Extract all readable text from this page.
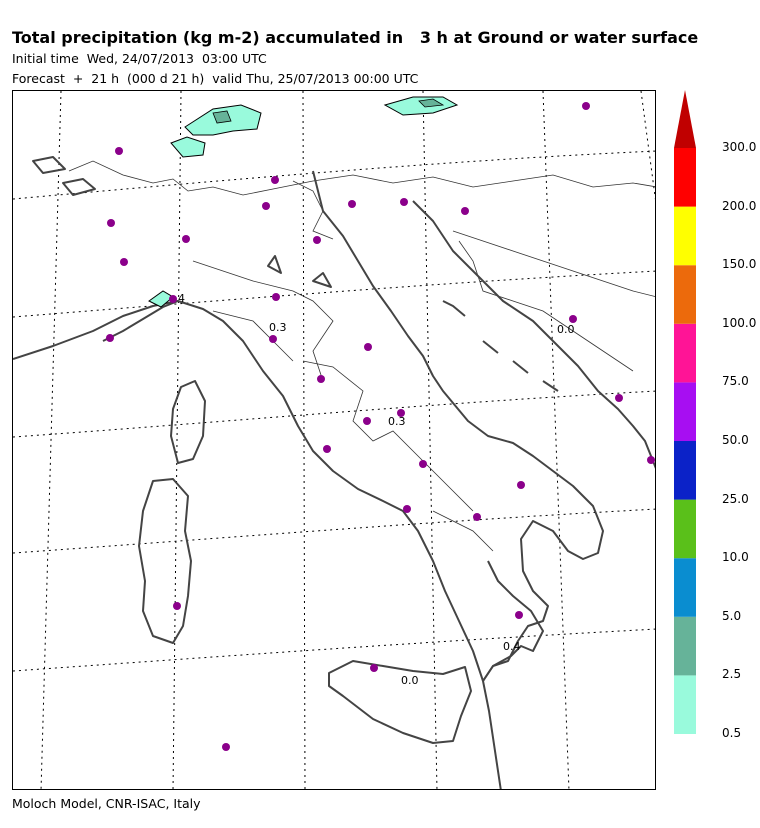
Total precipitation (kg m-2) accumulated in   3 h at Ground or water surface
Initial time  Wed, 24/07/2013  03:00 UTC
Forecast  +  21 h  (000 d 21 h)  valid Thu, 25/07/2013 00:00 UTC
4
0.3	0.0
0.3
0.4
0.0
0.5
2.5
5.0
10.0
25.0
50.0
75.0
100.0
150.0
200.0
300.0
Moloch Model, CNR-ISAC, Italy
